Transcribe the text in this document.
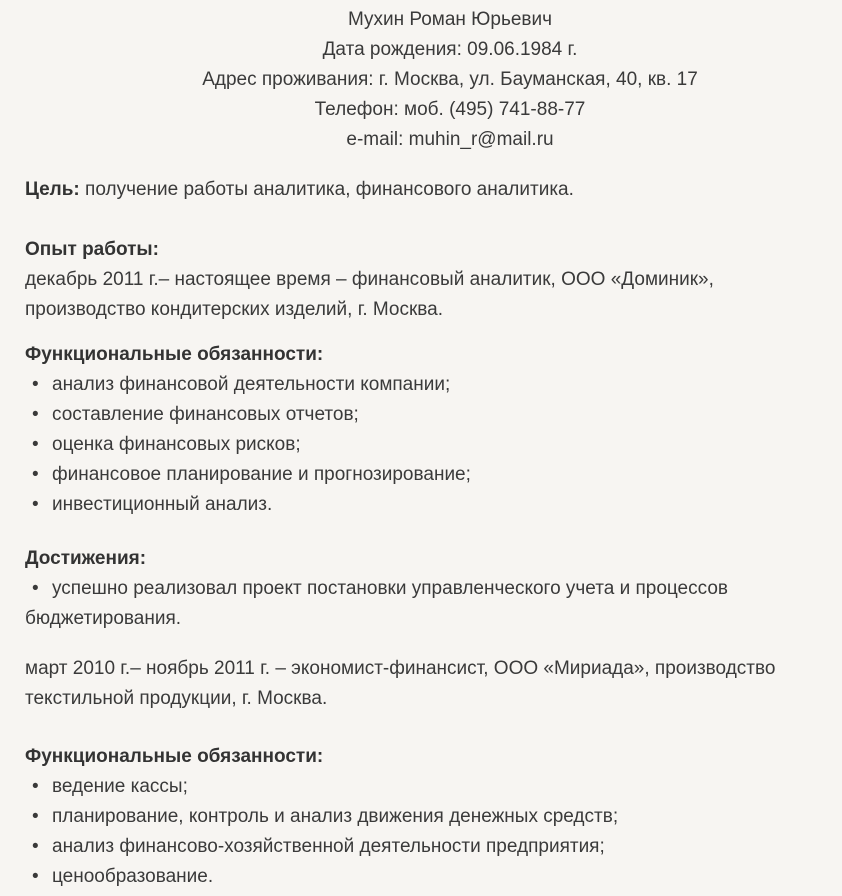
Мухин Роман Юрьевич
Дата рождения: 09.06.1984 г.
Адрес проживания: г. Москва, ул. Бауманская, 40, кв. 17
Телефон: моб. (495) 741-88-77
e-mail: muhin_r@mail.ru

Цель: получение работы аналитика, финансового аналитика.

Опыт работы:
декабрь 2011 г.– настоящее время – финансовый аналитик, ООО «Доминик»,
производство кондитерских изделий, г. Москва.
Функциональные обязанности:
• анализ финансовой деятельности компании;
• составление финансовых отчетов;
• оценка финансовых рисков;
• финансовое планирование и прогнозирование;
• инвестиционный анализ.
Достижения:
• успешно реализовал проект постановки управленческого учета и процессов
бюджетирования.
март 2010 г.– ноябрь 2011 г. – экономист-финансист, ООО «Мириада», производство
текстильной продукции, г. Москва.
Функциональные обязанности:
• ведение кассы;
• планирование, контроль и анализ движения денежных средств;
• анализ финансово-хозяйственной деятельности предприятия;
• ценообразование.
